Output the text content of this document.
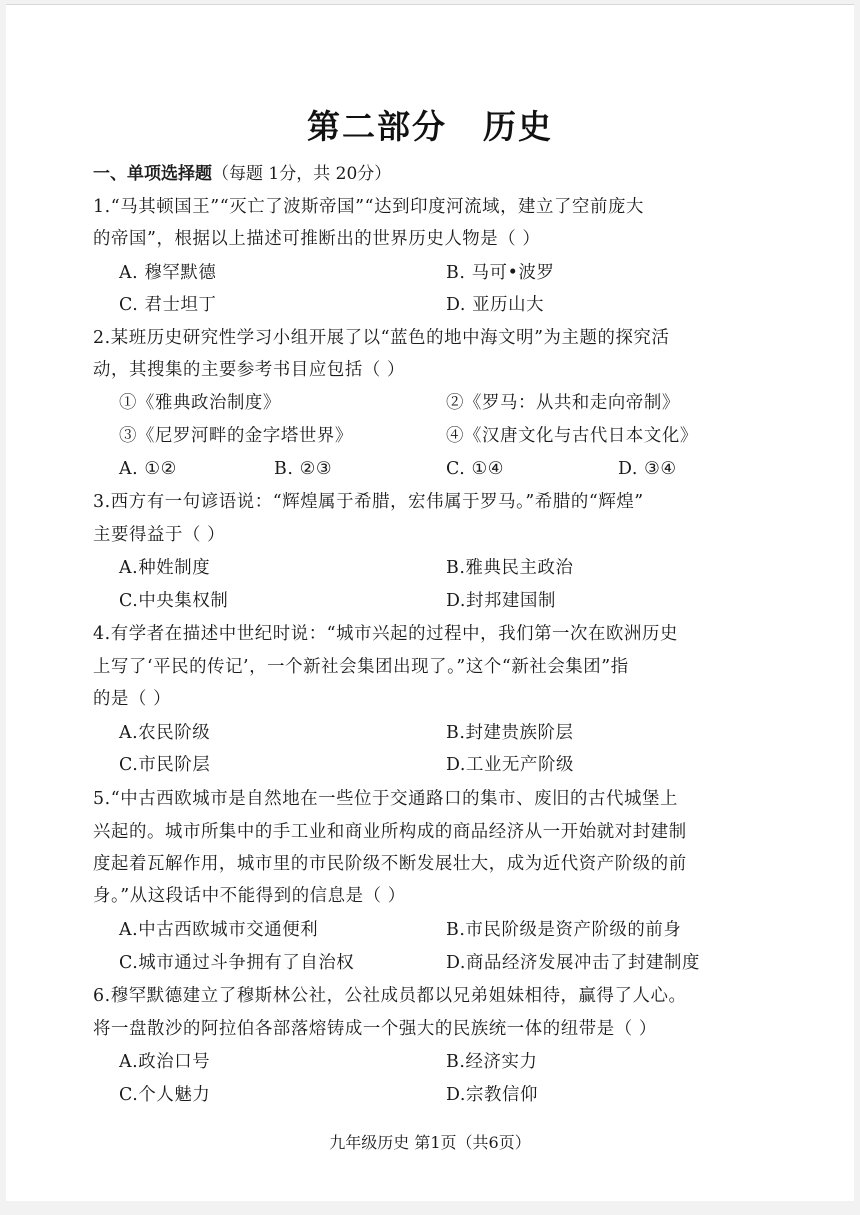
第二部分 历史
一、单项选择题（每题 1分，共 20分）
1.“马其顿国王”“灭亡了波斯帝国”“达到印度河流域，建立了空前庞大
的帝国”，根据以上描述可推断出的世界历史人物是（ ）
A. 穆罕默德	B. 马可•波罗
C. 君士坦丁	D. 亚历山大
2.某班历史研究性学习小组开展了以“蓝色的地中海文明”为主题的探究活
动，其搜集的主要参考书目应包括（ ）
①《雅典政治制度》	②《罗马：从共和走向帝制》
③《尼罗河畔的金字塔世界》	④《汉唐文化与古代日本文化》
A. ①②	B. ②③	C. ①④	D. ③④
3.西方有一句谚语说：“辉煌属于希腊，宏伟属于罗马。”希腊的“辉煌”
主要得益于（ ）
A.种姓制度	B.雅典民主政治
C.中央集权制	D.封邦建国制
4.有学者在描述中世纪时说：“城市兴起的过程中，我们第一次在欧洲历史
上写了‘平民的传记’，一个新社会集团出现了。”这个“新社会集团”指
的是（ ）
A.农民阶级	B.封建贵族阶层
C.市民阶层	D.工业无产阶级
5.“中古西欧城市是自然地在一些位于交通路口的集市、废旧的古代城堡上
兴起的。城市所集中的手工业和商业所构成的商品经济从一开始就对封建制
度起着瓦解作用，城市里的市民阶级不断发展壮大，成为近代资产阶级的前
身。”从这段话中不能得到的信息是（ ）
A.中古西欧城市交通便利	B.市民阶级是资产阶级的前身
C.城市通过斗争拥有了自治权	D.商品经济发展冲击了封建制度
6.穆罕默德建立了穆斯林公社，公社成员都以兄弟姐妹相待，赢得了人心。
将一盘散沙的阿拉伯各部落熔铸成一个强大的民族统一体的纽带是（ ）
A.政治口号	B.经济实力
C.个人魅力	D.宗教信仰
九年级历史 第1页（共6页）
